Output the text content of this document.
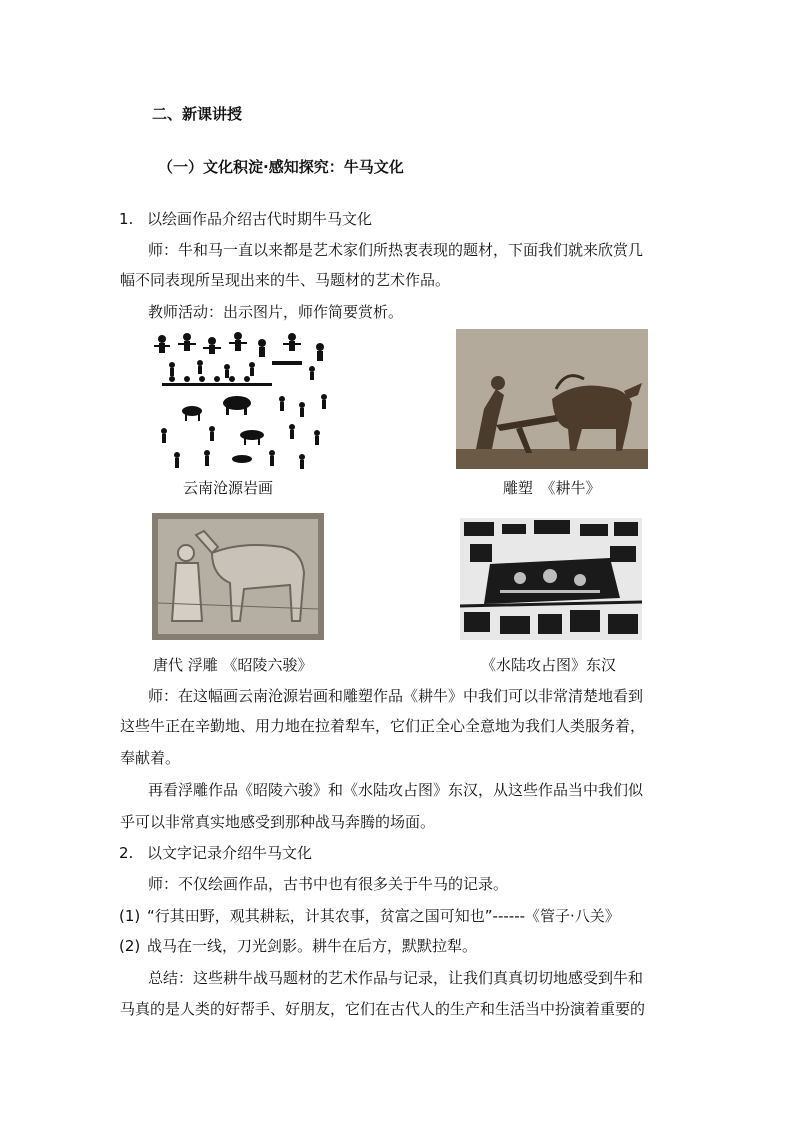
二、新课讲授
（一）文化积淀·感知探究：牛马文化
1. 以绘画作品介绍古代时期牛马文化
师：牛和马一直以来都是艺术家们所热衷表现的题材，下面我们就来欣赏几
幅不同表现所呈现出来的牛、马题材的艺术作品。
教师活动：出示图片，师作简要赏析。
云南沧源岩画	雕塑　《耕牛》
唐代 浮雕 《昭陵六骏》	《水陆攻占图》东汉
师：在这幅画云南沧源岩画和雕塑作品《耕牛》中我们可以非常清楚地看到
这些牛正在辛勤地、用力地在拉着犁车，它们正全心全意地为我们人类服务着，
奉献着。
再看浮雕作品《昭陵六骏》和《水陆攻占图》东汉，从这些作品当中我们似
乎可以非常真实地感受到那种战马奔腾的场面。
2. 以文字记录介绍牛马文化
师：不仅绘画作品，古书中也有很多关于牛马的记录。
(1) “行其田野，观其耕耘，计其农事，贫富之国可知也”------《管子·八关》
(2) 战马在一线，刀光剑影。耕牛在后方，默默拉犁。
总结：这些耕牛战马题材的艺术作品与记录，让我们真真切切地感受到牛和
马真的是人类的好帮手、好朋友，它们在古代人的生产和生活当中扮演着重要的
